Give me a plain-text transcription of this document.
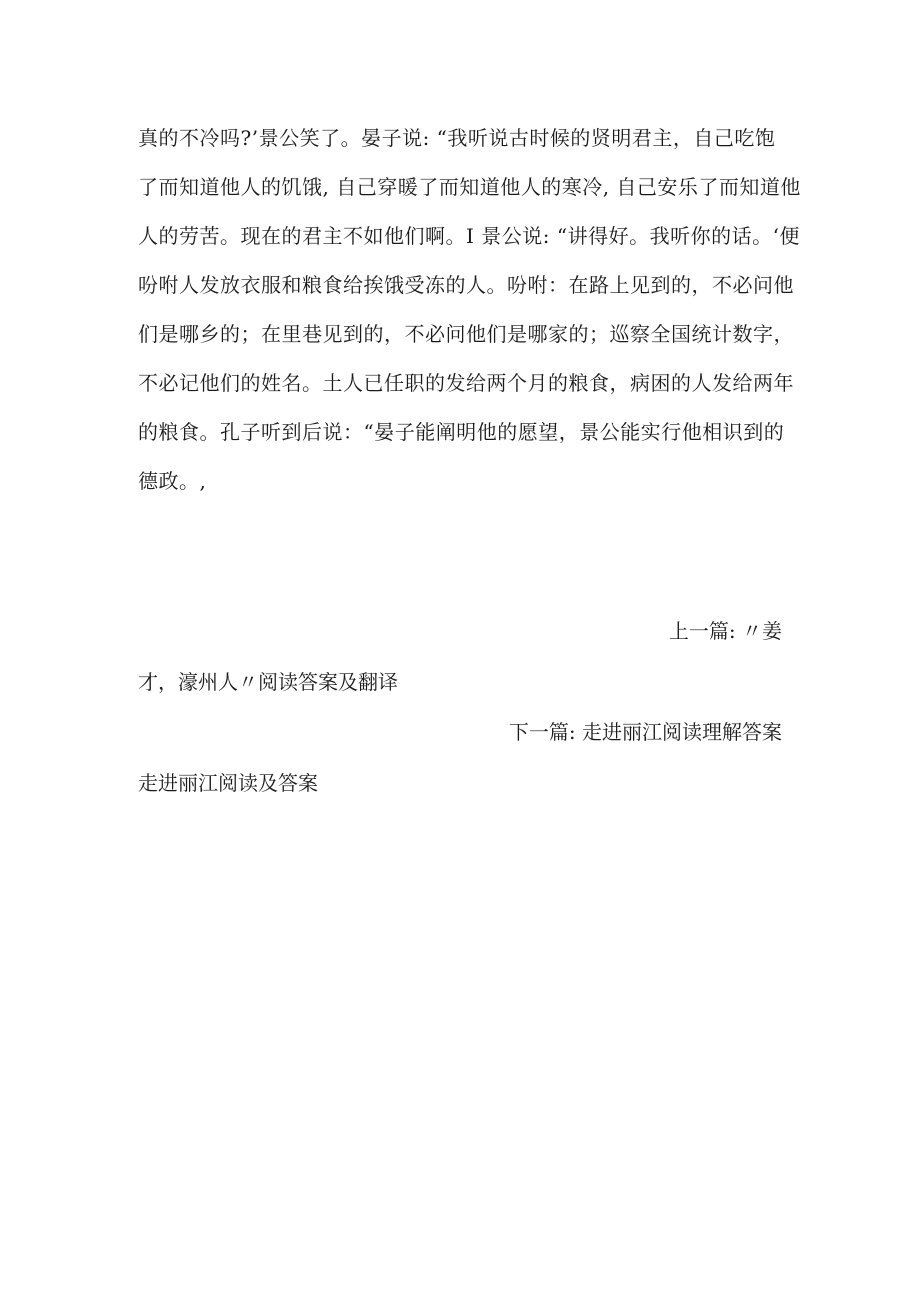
真的不冷吗?’景公笑了。晏子说: “我听说古时候的贤明君主，自己吃饱
了而知道他人的饥饿, 自己穿暖了而知道他人的寒冷, 自己安乐了而知道他
人的劳苦。现在的君主不如他们啊。I 景公说: “讲得好。我听你的话。‘便
吩咐人发放衣服和粮食给挨饿受冻的人。吩咐：在路上见到的，不必问他
们是哪乡的；在里巷见到的，不必问他们是哪家的；巡察全国统计数字，
不必记他们的姓名。土人已任职的发给两个月的粮食，病困的人发给两年
的粮食。孔子听到后说：“晏子能阐明他的愿望，景公能实行他相识到的
德政。,
上一篇: 〃姜
才，濠州人〃阅读答案及翻译
下一篇: 走进丽江阅读理解答案
走进丽江阅读及答案
